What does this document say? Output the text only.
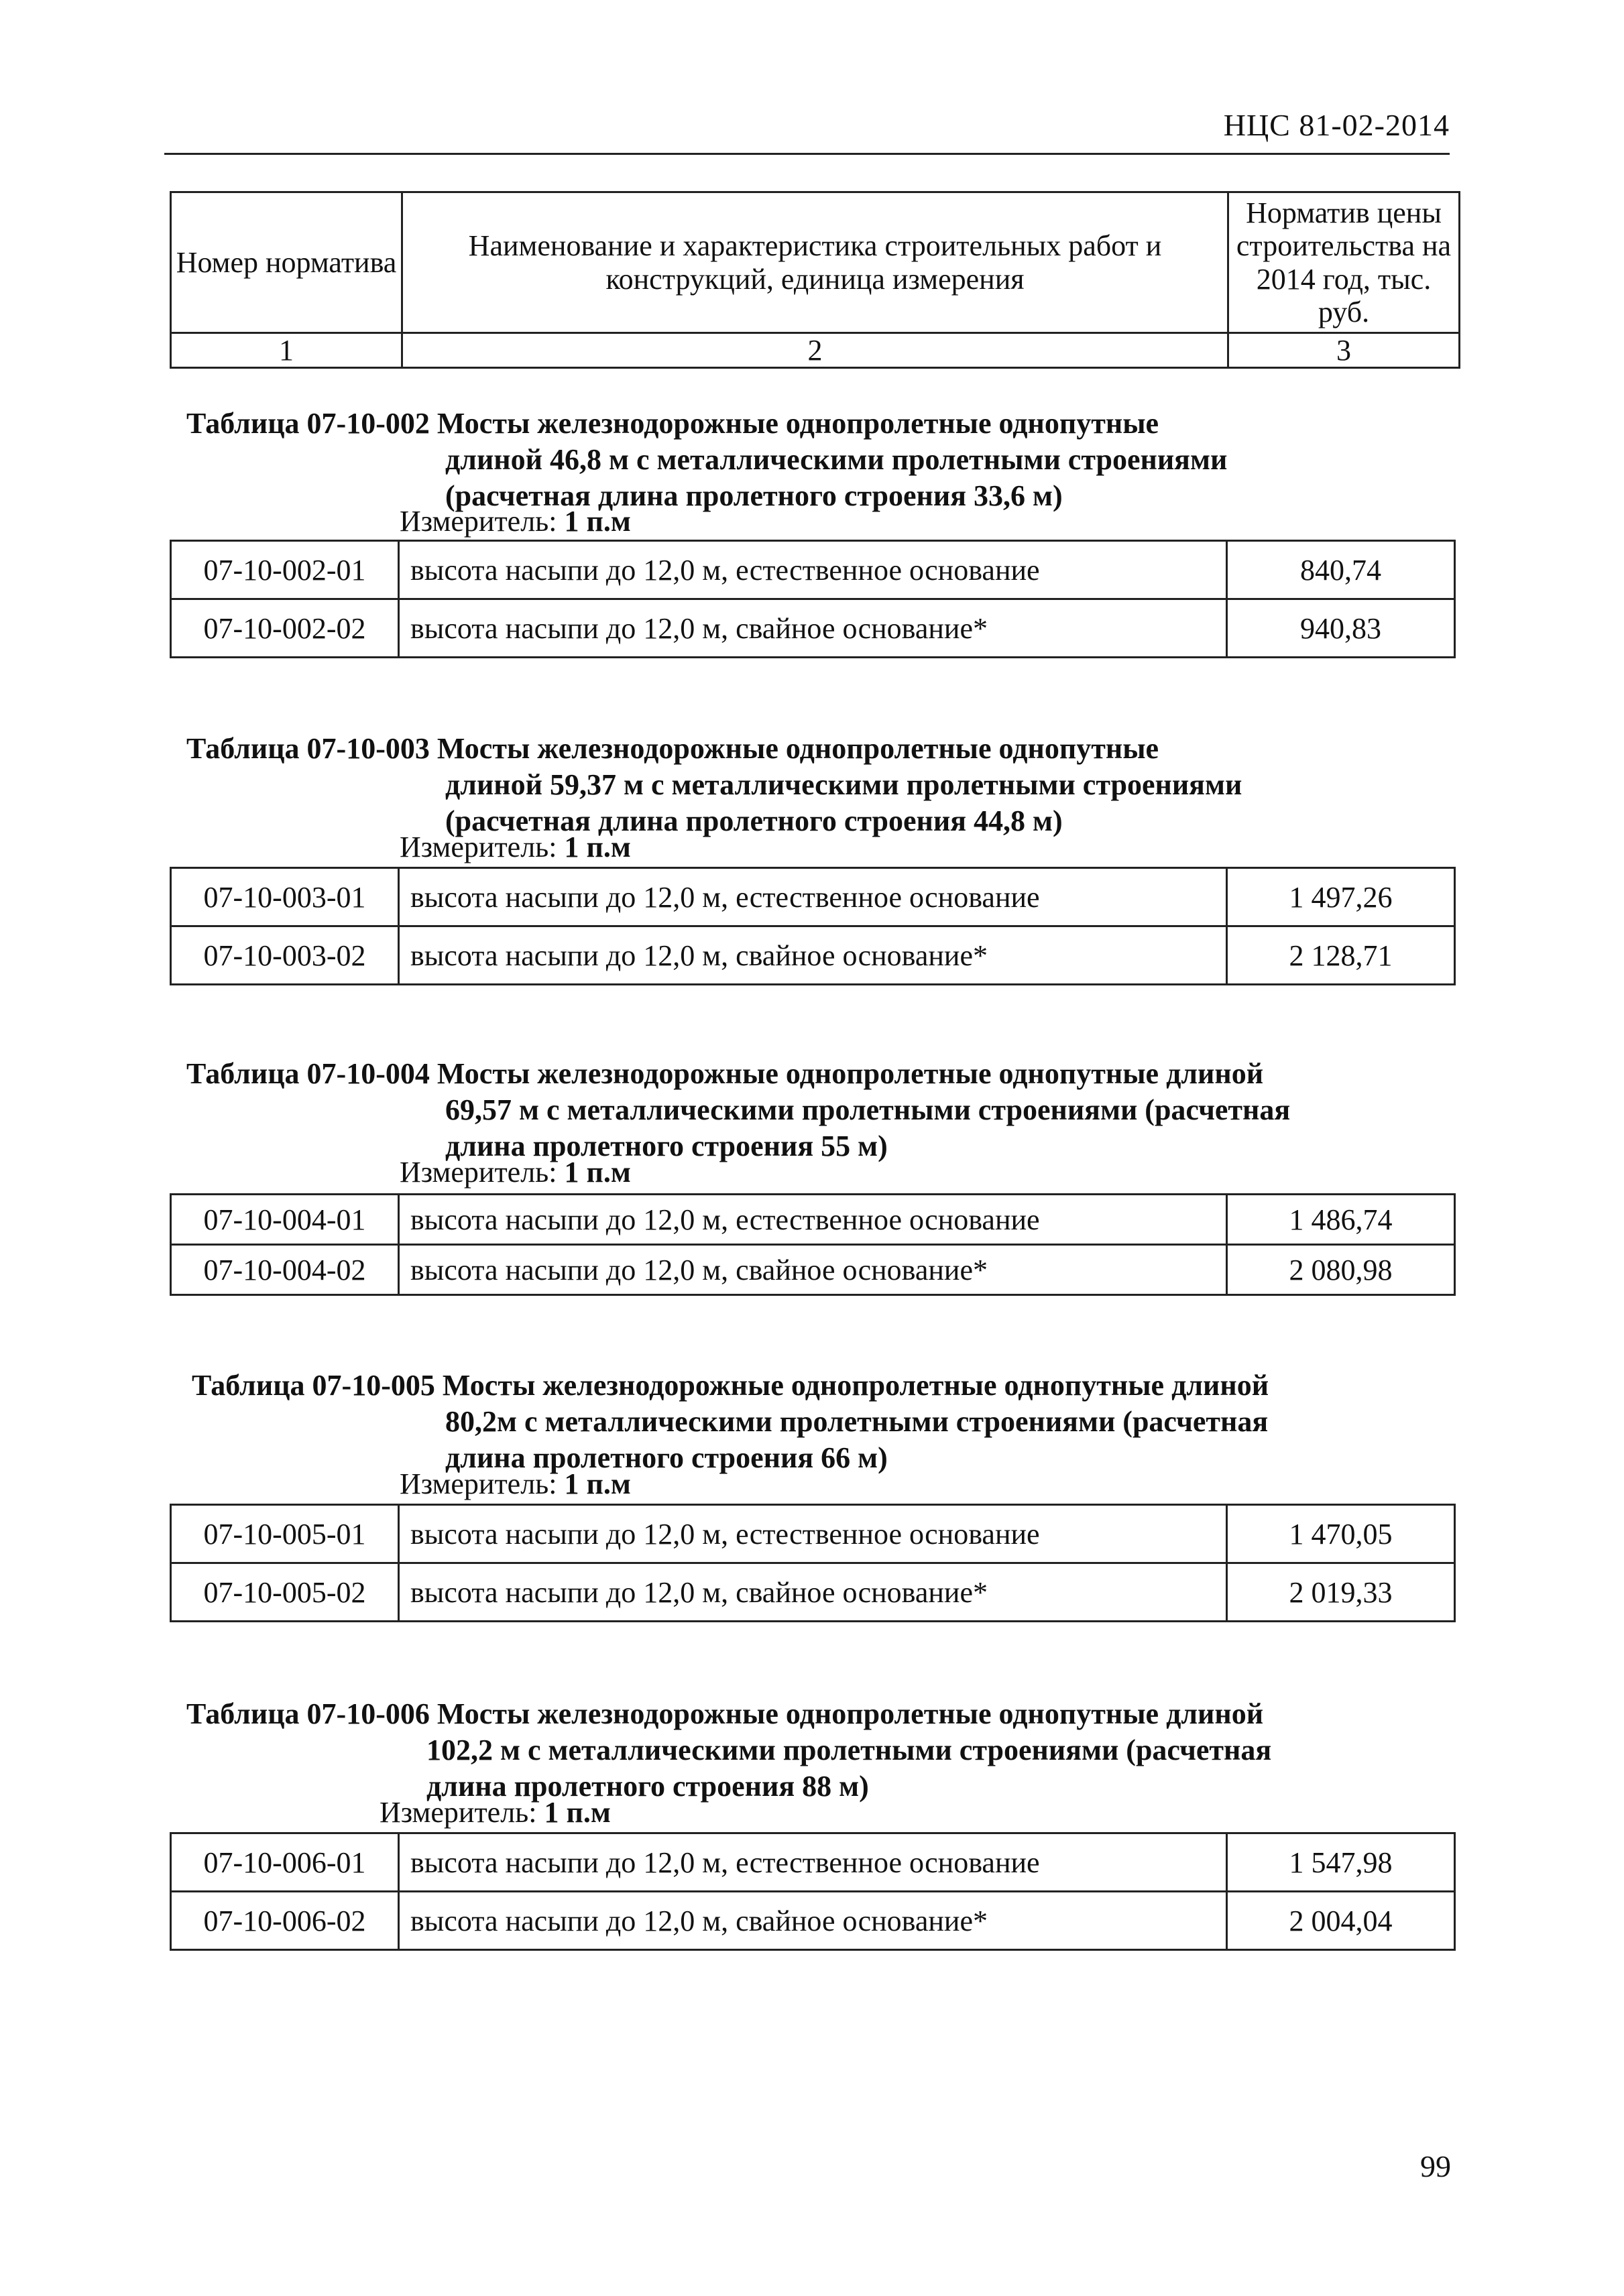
НЦС 81-02-2014
Номер норматива	Наименование и характеристика строительных работ и конструкций, единица измерения	Норматив цены строительства на 2014 год, тыс. руб.
1	2	3
Таблица 07-10-002 Мосты железнодорожные однопролетные однопутные
длиной 46,8 м с металлическими пролетными строениями
(расчетная длина пролетного строения 33,6 м)
Измеритель: 1 п.м
07-10-002-01	высота насыпи до 12,0 м, естественное основание	840,74
07-10-002-02	высота насыпи до 12,0 м, свайное основание*	940,83
Таблица 07-10-003 Мосты железнодорожные однопролетные однопутные
длиной 59,37 м с металлическими пролетными строениями
(расчетная длина пролетного строения 44,8 м)
Измеритель: 1 п.м
07-10-003-01	высота насыпи до 12,0 м, естественное основание	1 497,26
07-10-003-02	высота насыпи до 12,0 м, свайное основание*	2 128,71
Таблица 07-10-004 Мосты железнодорожные однопролетные однопутные длиной
69,57 м с металлическими пролетными строениями (расчетная
длина пролетного строения 55 м)
Измеритель: 1 п.м
07-10-004-01	высота насыпи до 12,0 м, естественное основание	1 486,74
07-10-004-02	высота насыпи до 12,0 м, свайное основание*	2 080,98
Таблица 07-10-005 Мосты железнодорожные однопролетные однопутные длиной
80,2м с металлическими пролетными строениями (расчетная
длина пролетного строения 66 м)
Измеритель: 1 п.м
07-10-005-01	высота насыпи до 12,0 м, естественное основание	1 470,05
07-10-005-02	высота насыпи до 12,0 м, свайное основание*	2 019,33
Таблица 07-10-006 Мосты железнодорожные однопролетные однопутные длиной
102,2 м с металлическими пролетными строениями (расчетная
длина пролетного строения 88 м)
Измеритель: 1 п.м
07-10-006-01	высота насыпи до 12,0 м, естественное основание	1 547,98
07-10-006-02	высота насыпи до 12,0 м, свайное основание*	2 004,04
99
